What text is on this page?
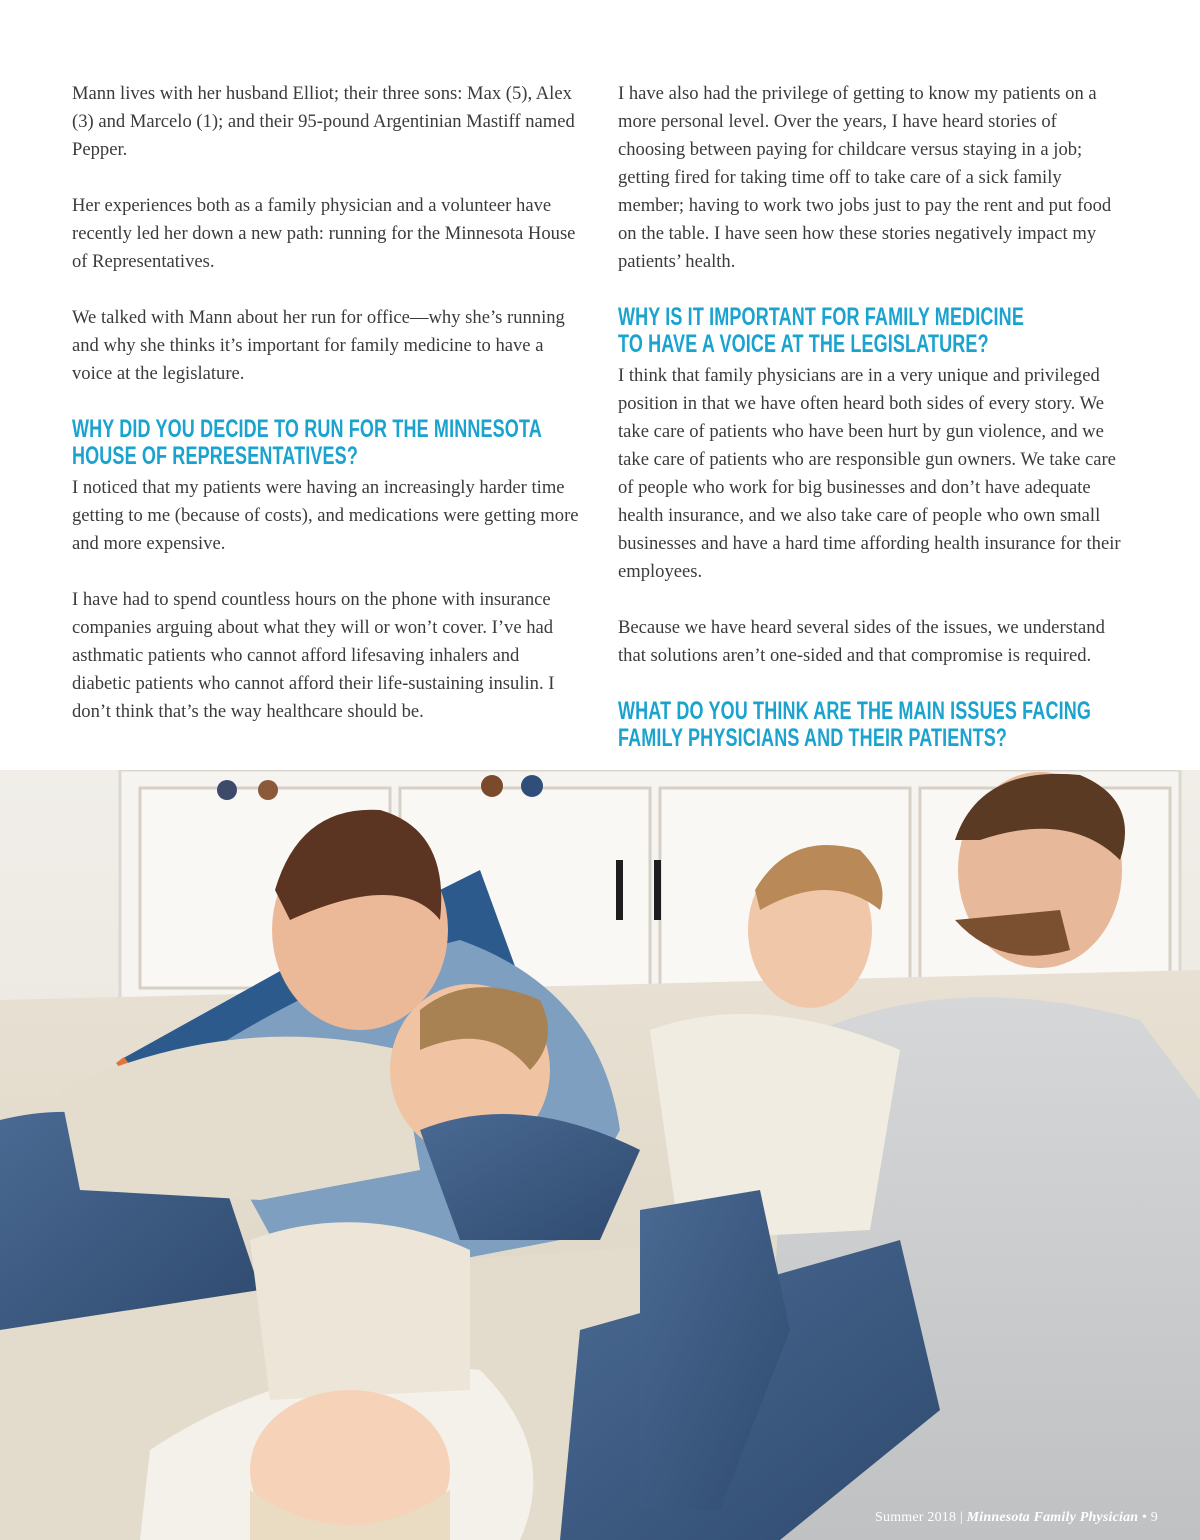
Mann lives with her husband Elliot; their three sons: Max (5), Alex (3) and Marcelo (1); and their 95-pound Argentinian Mastiff named Pepper.

Her experiences both as a family physician and a volunteer have recently led her down a new path: running for the Minnesota House of Representatives.

We talked with Mann about her run for office—why she’s running and why she thinks it’s important for family medicine to have a voice at the legislature.

WHY DID YOU DECIDE TO RUN FOR THE MINNESOTA
HOUSE OF REPRESENTATIVES?

I noticed that my patients were having an increasingly harder time getting to me (because of costs), and medications were getting more and more expensive.

I have had to spend countless hours on the phone with insurance companies arguing about what they will or won’t cover. I’ve had asthmatic patients who cannot afford lifesaving inhalers and diabetic patients who cannot afford their life-sustaining insulin. I don’t think that’s the way healthcare should be.

I have also had the privilege of getting to know my patients on a more personal level. Over the years, I have heard stories of choosing between paying for childcare versus staying in a job; getting fired for taking time off to take care of a sick family member; having to work two jobs just to pay the rent and put food on the table. I have seen how these stories negatively impact my patients’ health.

WHY IS IT IMPORTANT FOR FAMILY MEDICINE
TO HAVE A VOICE AT THE LEGISLATURE?

I think that family physicians are in a very unique and privileged position in that we have often heard both sides of every story. We take care of patients who have been hurt by gun violence, and we take care of patients who are responsible gun owners. We take care of people who work for big businesses and don’t have adequate health insurance, and we also take care of people who own small businesses and have a hard time affording health insurance for their employees.

Because we have heard several sides of the issues, we understand that solutions aren’t one-sided and that compromise is required.

WHAT DO YOU THINK ARE THE MAIN ISSUES FACING
FAMILY PHYSICIANS AND THEIR PATIENTS?
Summer 2018 | Minnesota Family Physician • 9
